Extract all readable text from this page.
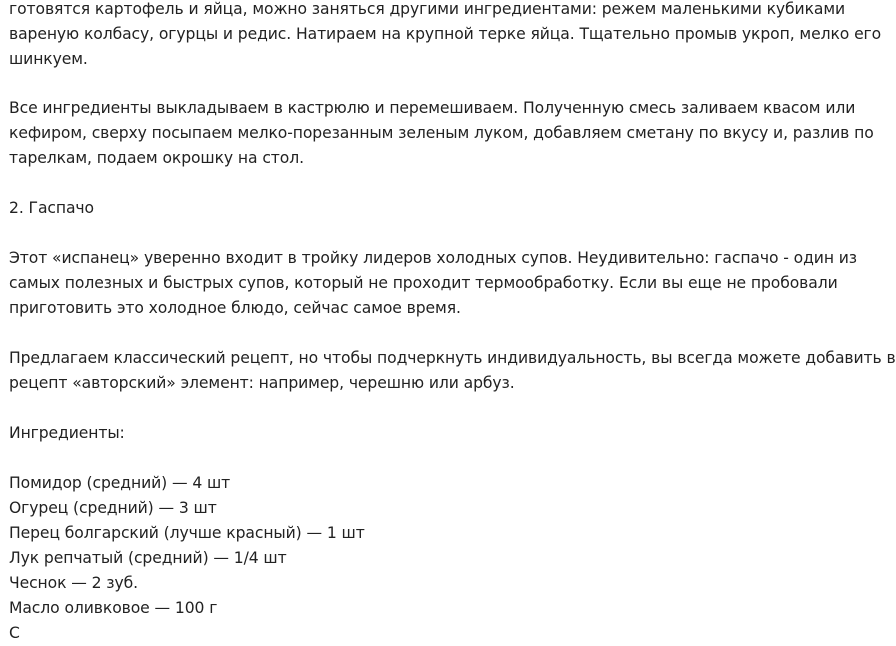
готовятся картофель и яйца, можно заняться другими ингредиентами: режем маленькими кубиками
вареную колбасу, огурцы и редис. Натираем на крупной терке яйца. Тщательно промыв укроп, мелко его
шинкуем.

Все ингредиенты выкладываем в кастрюлю и перемешиваем. Полученную смесь заливаем квасом или
кефиром, сверху посыпаем мелко-порезанным зеленым луком, добавляем сметану по вкусу и, разлив по
тарелкам, подаем окрошку на стол.

2. Гаспачо

Этот «испанец» уверенно входит в тройку лидеров холодных супов. Неудивительно: гаспачо - один из
самых полезных и быстрых супов, который не проходит термообработку. Если вы еще не пробовали
приготовить это холодное блюдо, сейчас самое время.

Предлагаем классический рецепт, но чтобы подчеркнуть индивидуальность, вы всегда можете добавить в
рецепт «авторский» элемент: например, черешню или арбуз.

Ингредиенты:

Помидор (средний) — 4 шт
Огурец (средний) — 3 шт
Перец болгарский (лучше красный) — 1 шт
Лук репчатый (средний) — 1/4 шт
Чеснок — 2 зуб.
Масло оливковое — 100 г
С
